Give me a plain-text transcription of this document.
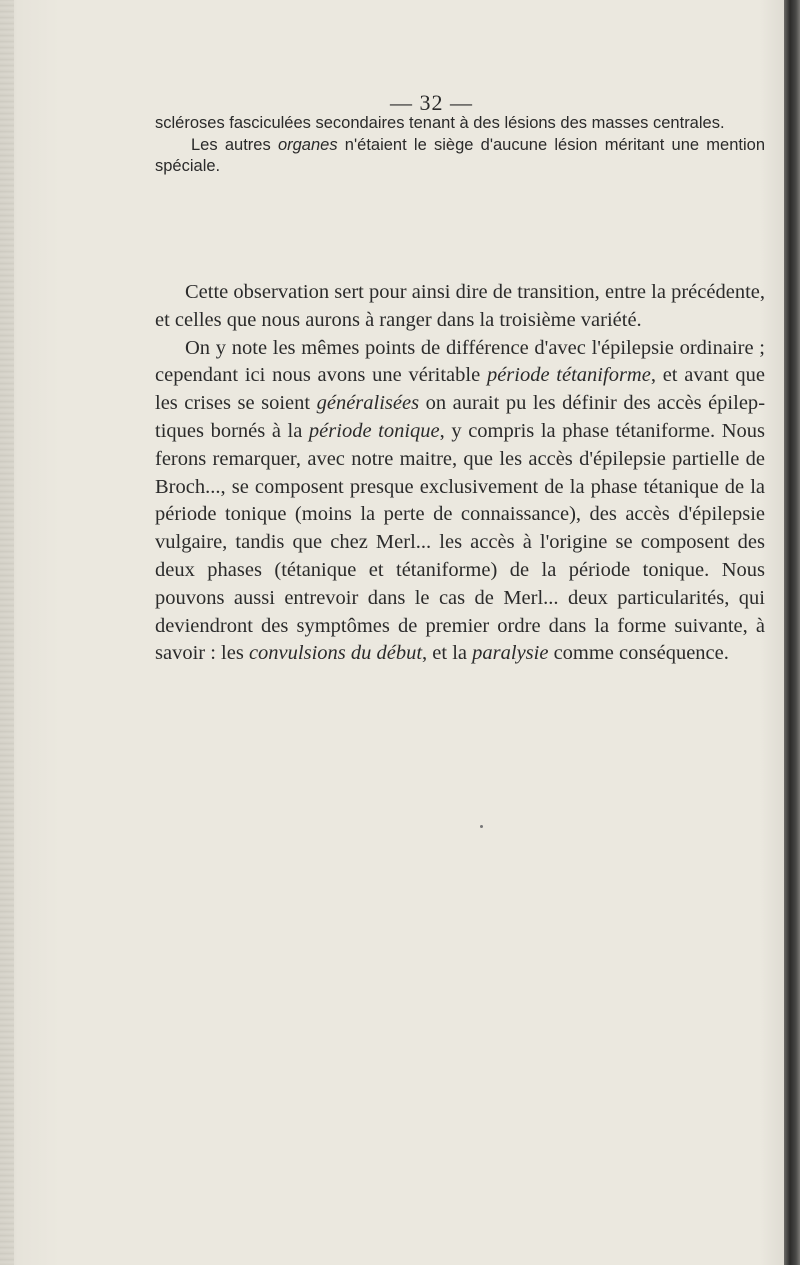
— 32 —

scléroses fasciculées secondaires tenant à des lésions des masses centrales.

Les autres organes n'étaient le siège d'aucune lésion méritant une mention spéciale.

Cette observation sert pour ainsi dire de transition, entre la précédente, et celles que nous aurons à ranger dans la troisième variété.

On y note les mêmes points de différence d'avec l'épilepsie ordinaire ; cependant ici nous avons une véritable période tétaniforme, et avant que les crises se soient généralisées on aurait pu les définir des accès épileptiques bornés à la période tonique, y compris la phase tétaniforme. Nous ferons remarquer, avec notre maitre, que les accès d'épilepsie partielle de Broch..., se composent presque exclusivement de la phase tétanique de la période tonique (moins la perte de connaissance), des accès d'épilepsie vulgaire, tandis que chez Merl... les accès à l'origine se composent des deux phases (tétanique et tétaniforme) de la période tonique. Nous pouvons aussi entrevoir dans le cas de Merl... deux particularités, qui deviendront des symptômes de premier ordre dans la forme suivante, à savoir : les convulsions du début, et la paralysie comme conséquence.
